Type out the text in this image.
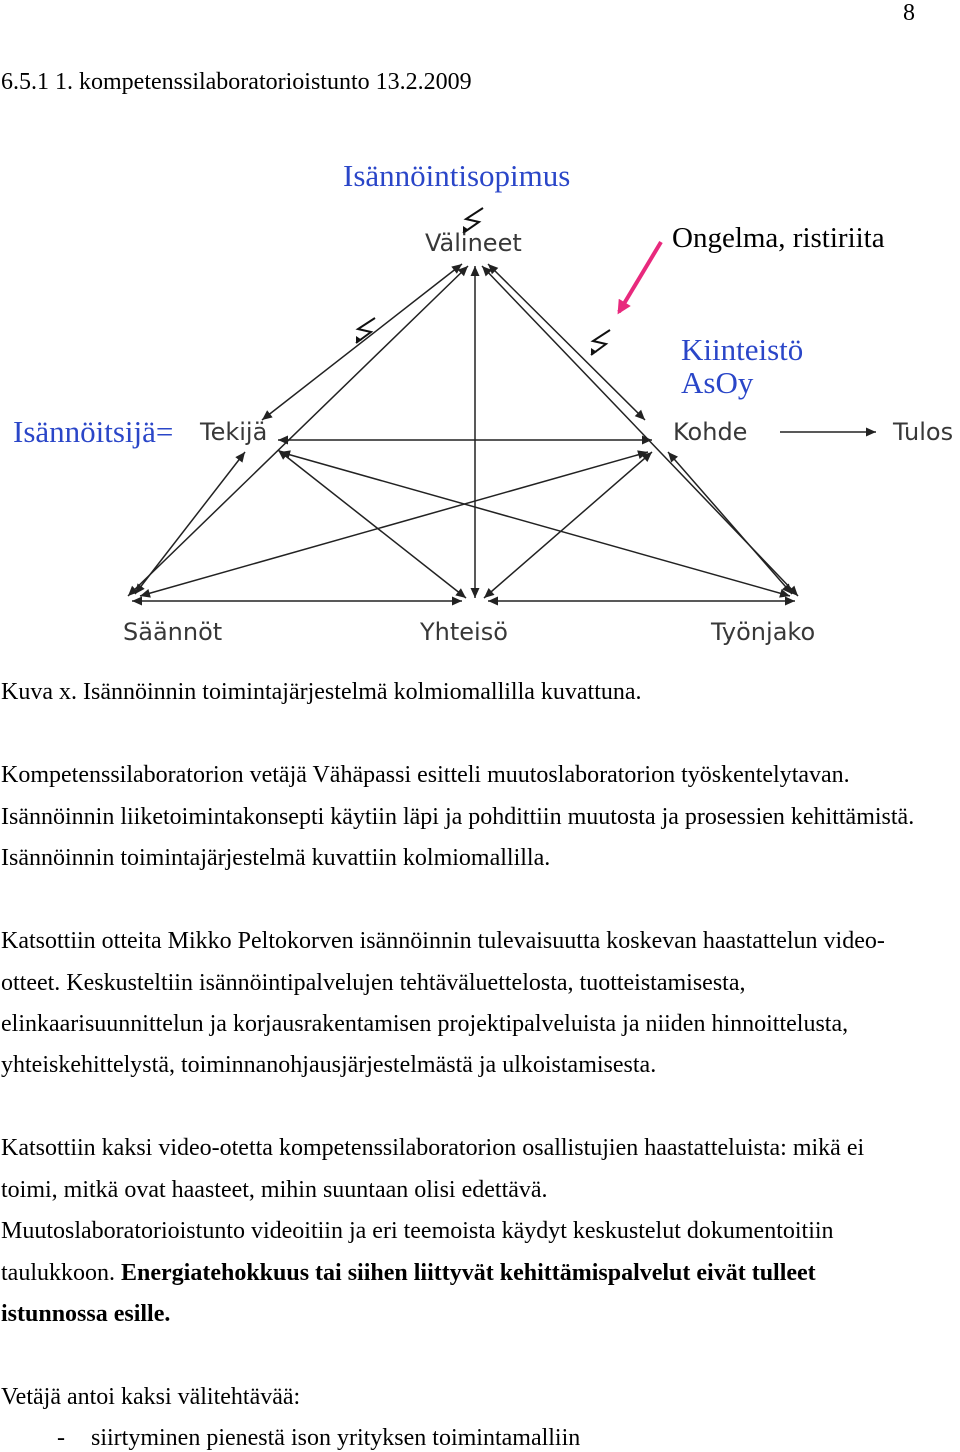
8
6.5.1 1. kompetenssilaboratorioistunto 13.2.2009
Isännöintisopimus
Ongelma, ristiriita
Kiinteistö
AsOy
Isännöitsijä=
Välineet
Tekijä	Kohde	Tulos
Säännöt	Yhteisö	Työnjako
Kuva x. Isännöinnin toimintajärjestelmä kolmiomallilla kuvattuna.
Kompetenssilaboratorion vetäjä Vähäpassi esitteli muutoslaboratorion työskentelytavan.
Isännöinnin liiketoimintakonsepti käytiin läpi ja pohdittiin muutosta ja prosessien kehittämistä.
Isännöinnin toimintajärjestelmä kuvattiin kolmiomallilla.
Katsottiin otteita Mikko Peltokorven isännöinnin tulevaisuutta koskevan haastattelun video-
otteet. Keskusteltiin isännöintipalvelujen tehtäväluettelosta, tuotteistamisesta,
elinkaarisuunnittelun ja korjausrakentamisen projektipalveluista ja niiden hinnoittelusta,
yhteiskehittelystä, toiminnanohjausjärjestelmästä ja ulkoistamisesta.
Katsottiin kaksi video-otetta kompetenssilaboratorion osallistujien haastatteluista: mikä ei
toimi, mitkä ovat haasteet, mihin suuntaan olisi edettävä.
Muutoslaboratorioistunto videoitiin ja eri teemoista käydyt keskustelut dokumentoitiin
taulukkoon. Energiatehokkuus tai siihen liittyvät kehittämispalvelut eivät tulleet
istunnossa esille.
Vetäjä antoi kaksi välitehtävää:
- siirtyminen pienestä ison yrityksen toimintamalliin
